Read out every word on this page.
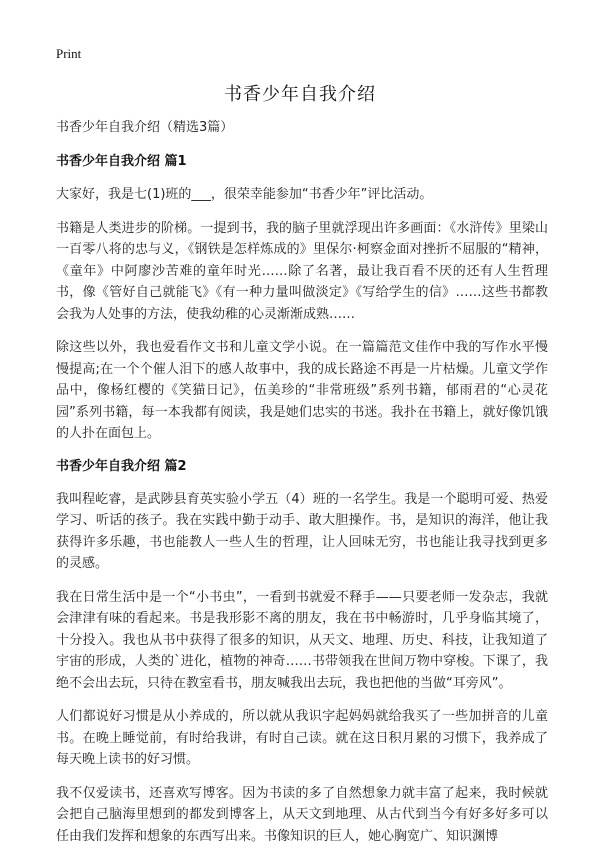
Print
书香少年自我介绍

书香少年自我介绍（精选3篇）

书香少年自我介绍 篇1

大家好，我是七(1)班的___，很荣幸能参加“书香少年”评比活动。

书籍是人类进步的阶梯。一提到书，我的脑子里就浮现出许多画面：《水浒传》里梁山一百零八将的忠与义，《钢铁是怎样炼成的》里保尔·柯察金面对挫折不屈服的“精神，《童年》中阿廖沙苦难的童年时光……除了名著，最让我百看不厌的还有人生哲理书，像《管好自己就能飞》《有一种力量叫做淡定》《写给学生的信》……这些书都教会我为人处事的方法，使我幼稚的心灵渐渐成熟……

除这些以外，我也爱看作文书和儿童文学小说。在一篇篇范文佳作中我的写作水平慢慢提高;在一个个催人泪下的感人故事中，我的成长路途不再是一片枯燥。儿童文学作品中，像杨红樱的《笑猫日记》，伍美珍的“非常班级”系列书籍，郁雨君的“心灵花园”系列书籍，每一本我都有阅读，我是她们忠实的书迷。我扑在书籍上，就好像饥饿的人扑在面包上。

书香少年自我介绍 篇2

我叫程屹睿，是武陟县育英实验小学五（4）班的一名学生。我是一个聪明可爱、热爱学习、听话的孩子。我在实践中勤于动手、敢大胆操作。书，是知识的海洋，他让我获得许多乐趣，书也能教人一些人生的哲理，让人回味无穷，书也能让我寻找到更多的灵感。

我在日常生活中是一个“小书虫”，一看到书就爱不释手——只要老师一发杂志，我就会津津有味的看起来。书是我形影不离的朋友，我在书中畅游时，几乎身临其境了，十分投入。我也从书中获得了很多的知识，从天文、地理、历史、科技，让我知道了宇宙的形成，人类的`进化，植物的神奇……书带领我在世间万物中穿梭。下课了，我绝不会出去玩，只待在教室看书，朋友喊我出去玩，我也把他的当做“耳旁风”。

人们都说好习惯是从小养成的，所以就从我识字起妈妈就给我买了一些加拼音的儿童书。在晚上睡觉前，有时给我讲，有时自己读。就在这日积月累的习惯下，我养成了每天晚上读书的好习惯。

我不仅爱读书，还喜欢写博客。因为书读的多了自然想象力就丰富了起来，我时候就会把自己脑海里想到的都发到博客上，从天文到地理、从古代到当今有好多好多可以任由我们发挥和想象的东西写出来。书像知识的巨人，她心胸宽广、知识渊博
